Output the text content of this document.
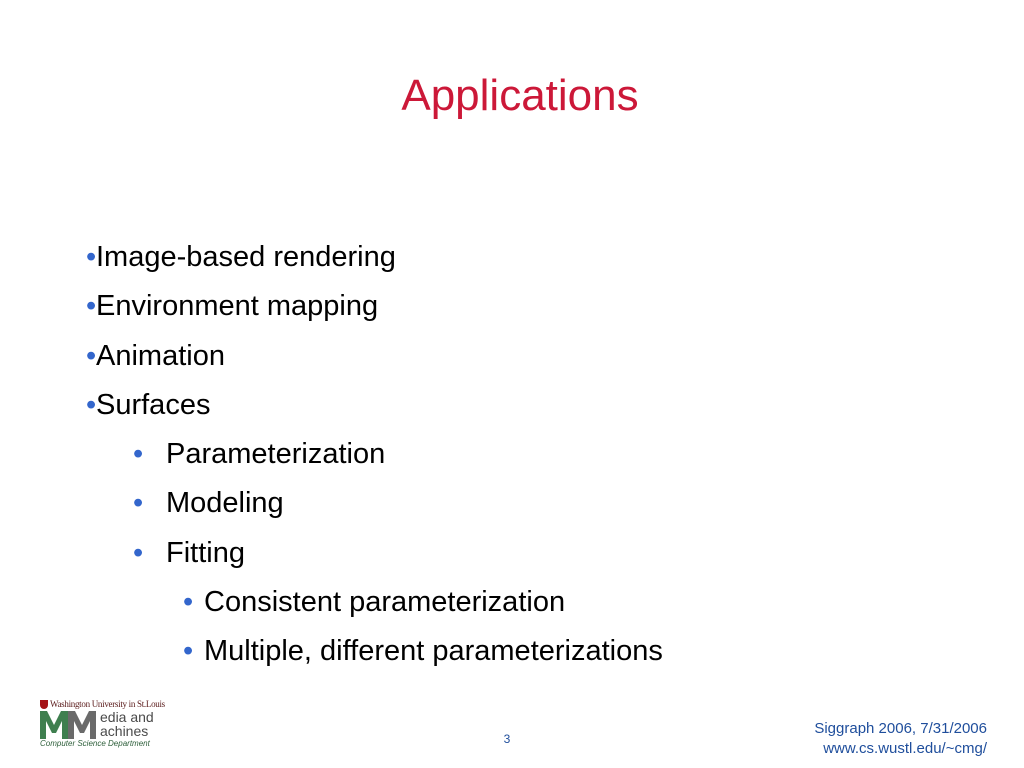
Applications
•Image-based rendering
•Environment mapping
•Animation
•Surfaces
• Parameterization
• Modeling
• Fitting
• Consistent parameterization
• Multiple, different parameterizations
Washington University in St.Louis
edia and
achines
Computer Science Department	3
Siggraph 2006, 7/31/2006
www.cs.wustl.edu/~cmg/
